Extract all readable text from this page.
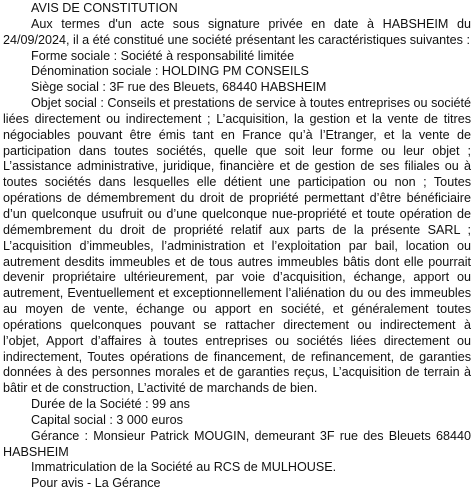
AVIS DE CONSTITUTION

Aux termes d'un acte sous signature privée en date à HABSHEIM du 24/09/2024, il a été constitué une société présentant les caractéristiques suivantes :

Forme sociale : Société à responsabilité limitée

Dénomination sociale : HOLDING PM CONSEILS

Siège social : 3F rue des Bleuets, 68440 HABSHEIM

Objet social : Conseils et prestations de service à toutes entreprises ou société liées directement ou indirectement ; L’acquisition, la gestion et la vente de titres négociables pouvant être émis tant en France qu’à l’Etranger, et la vente de participation dans toutes sociétés, quelle que soit leur forme ou leur objet ; L’assistance administrative, juridique, financière et de gestion de ses filiales ou à toutes sociétés dans lesquelles elle détient une participation ou non ; Toutes opérations de démembrement du droit de propriété permettant d’être bénéficiaire d’un quelconque usufruit ou d’une quelconque nue-propriété et toute opération de démembrement du droit de propriété relatif aux parts de la présente SARL ; L’acquisition d’immeubles, l’administration et l’exploitation par bail, location ou autrement desdits immeubles et de tous autres immeubles bâtis dont elle pourrait devenir propriétaire ultérieurement, par voie d’acquisition, échange, apport ou autrement, Eventuellement et exceptionnellement l’aliénation du ou des immeubles au moyen de vente, échange ou apport en société, et généralement toutes opérations quelconques pouvant se rattacher directement ou indirectement à l’objet, Apport d’affaires à toutes entreprises ou sociétés liées directement ou indirectement, Toutes opérations de financement, de refinancement, de garanties données à des personnes morales et de garanties reçus, L’acquisition de terrain à bâtir et de construction, L’activité de marchands de bien.

Durée de la Société : 99 ans

Capital social : 3 000 euros

Gérance : Monsieur Patrick MOUGIN, demeurant 3F rue des Bleuets 68440 HABSHEIM

Immatriculation de la Société au RCS de MULHOUSE.

Pour avis - La Gérance
